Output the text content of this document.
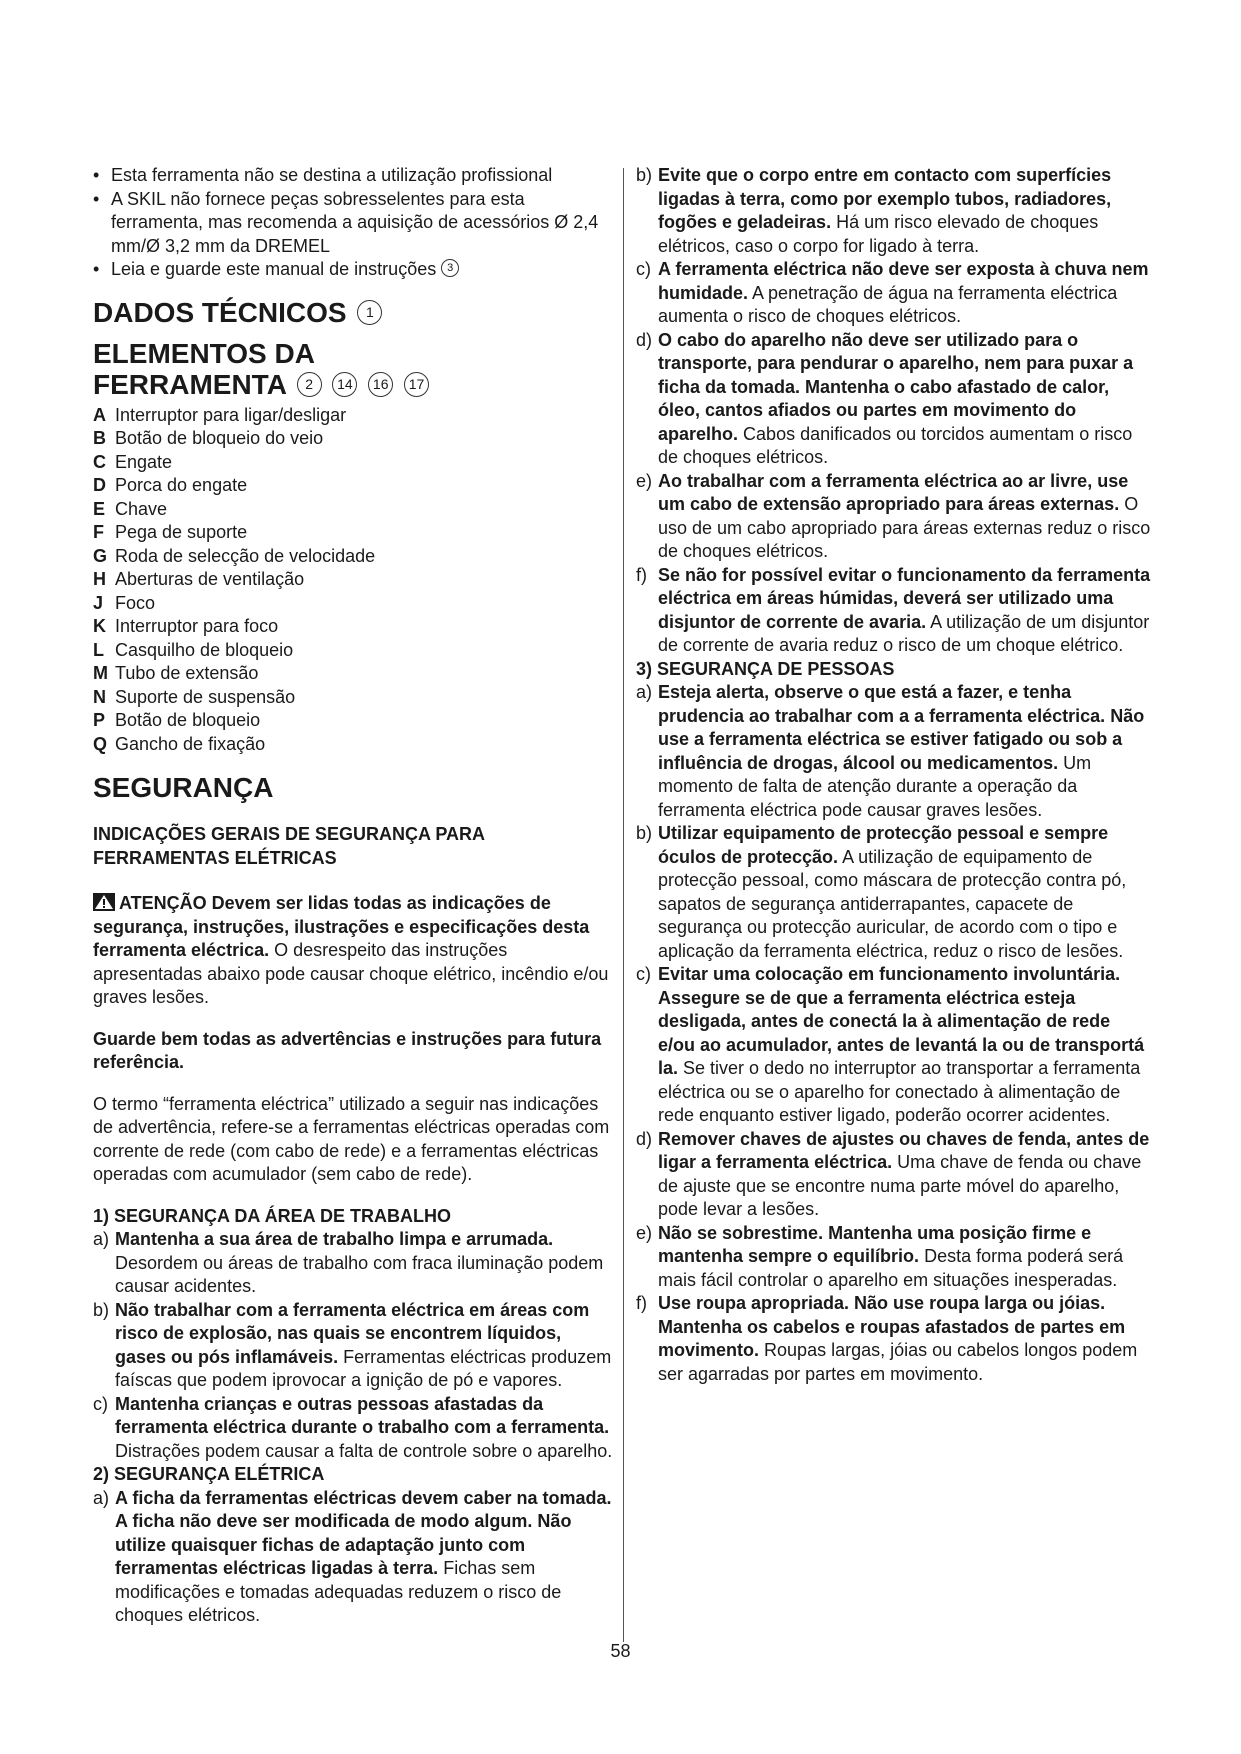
• Esta ferramenta não se destina a utilização profissional

• A SKIL não fornece peças sobresselentes para esta ferramenta, mas recomenda a aquisição de acessórios Ø 2,4 mm/Ø 3,2 mm da DREMEL

• Leia e guarde este manual de instruções 3

DADOS TÉCNICOS 1
ELEMENTOS DA
FERRAMENTA 2 14 16 17

A Interruptor para ligar/desligar

B Botão de bloqueio do veio

C Engate

D Porca do engate

E Chave

F Pega de suporte

G Roda de selecção de velocidade

H Aberturas de ventilação

J Foco

K Interruptor para foco

L Casquilho de bloqueio

M Tubo de extensão

N Suporte de suspensão

P Botão de bloqueio

Q Gancho de fixação

SEGURANÇA

INDICAÇÕES GERAIS DE SEGURANÇA PARA FERRAMENTAS ELÉTRICAS

ATENÇÃO Devem ser lidas todas as indicações de segurança, instruções, ilustrações e especificações desta ferramenta eléctrica. O desrespeito das instruções apresentadas abaixo pode causar choque elétrico, incêndio e/ou graves lesões.

Guarde bem todas as advertências e instruções para futura referência.

O termo “ferramenta eléctrica” utilizado a seguir nas indicações de advertência, refere-se a ferramentas eléctricas operadas com corrente de rede (com cabo de rede) e a ferramentas eléctricas operadas com acumulador (sem cabo de rede).

1) SEGURANÇA DA ÁREA DE TRABALHO

a) Mantenha a sua área de trabalho limpa e arrumada. Desordem ou áreas de trabalho com fraca iluminação podem causar acidentes.
b) Não trabalhar com a ferramenta eléctrica em áreas com risco de explosão, nas quais se encontrem líquidos, gases ou pós inflamáveis. Ferramentas eléctricas produzem faíscas que podem iprovocar a ignição de pó e vapores.
c) Mantenha crianças e outras pessoas afastadas da ferramenta eléctrica durante o trabalho com a ferramenta. Distrações podem causar a falta de controle sobre o aparelho.

2) SEGURANÇA ELÉTRICA

a) A ficha da ferramentas eléctricas devem caber na tomada. A ficha não deve ser modificada de modo algum. Não utilize quaisquer fichas de adaptação junto com ferramentas eléctricas ligadas à terra. Fichas sem modificações e tomadas adequadas reduzem o risco de choques elétricos.
b) Evite que o corpo entre em contacto com superfícies ligadas à terra, como por exemplo tubos, radiadores, fogões e geladeiras. Há um risco elevado de choques elétricos, caso o corpo for ligado à terra.
c) A ferramenta eléctrica não deve ser exposta à chuva nem humidade. A penetração de água na ferramenta eléctrica aumenta o risco de choques elétricos.
d) O cabo do aparelho não deve ser utilizado para o transporte, para pendurar o aparelho, nem para puxar a ficha da tomada. Mantenha o cabo afastado de calor, óleo, cantos afiados ou partes em movimento do aparelho. Cabos danificados ou torcidos aumentam o risco de choques elétricos.
e) Ao trabalhar com a ferramenta eléctrica ao ar livre, use um cabo de extensão apropriado para áreas externas. O uso de um cabo apropriado para áreas externas reduz o risco de choques elétricos.
f) Se não for possível evitar o funcionamento da ferramenta eléctrica em áreas húmidas, deverá ser utilizado uma disjuntor de corrente de avaria. A utilização de um disjuntor de corrente de avaria reduz o risco de um choque elétrico.

3) SEGURANÇA DE PESSOAS

a) Esteja alerta, observe o que está a fazer, e tenha prudencia ao trabalhar com a a ferramenta eléctrica. Não use a ferramenta eléctrica se estiver fatigado ou sob a influência de drogas, álcool ou medicamentos. Um momento de falta de atenção durante a operação da ferramenta eléctrica pode causar graves lesões.
b) Utilizar equipamento de protecção pessoal e sempre óculos de protecção. A utilização de equipamento de protecção pessoal, como máscara de protecção contra pó, sapatos de segurança antiderrapantes, capacete de segurança ou protecção auricular, de acordo com o tipo e aplicação da ferramenta eléctrica, reduz o risco de lesões.
c) Evitar uma colocação em funcionamento involuntária. Assegure se de que a ferramenta eléctrica esteja desligada, antes de conectá la à alimentação de rede e/ou ao acumulador, antes de levantá la ou de transportá la. Se tiver o dedo no interruptor ao transportar a ferramenta eléctrica ou se o aparelho for conectado à alimentação de rede enquanto estiver ligado, poderão ocorrer acidentes.
d) Remover chaves de ajustes ou chaves de fenda, antes de ligar a ferramenta eléctrica. Uma chave de fenda ou chave de ajuste que se encontre numa parte móvel do aparelho, pode levar a lesões.
e) Não se sobrestime. Mantenha uma posição firme e mantenha sempre o equilíbrio. Desta forma poderá será mais fácil controlar o aparelho em situações inesperadas.
f) Use roupa apropriada. Não use roupa larga ou jóias. Mantenha os cabelos e roupas afastados de partes em movimento. Roupas largas, jóias ou cabelos longos podem ser agarradas por partes em movimento.
58
